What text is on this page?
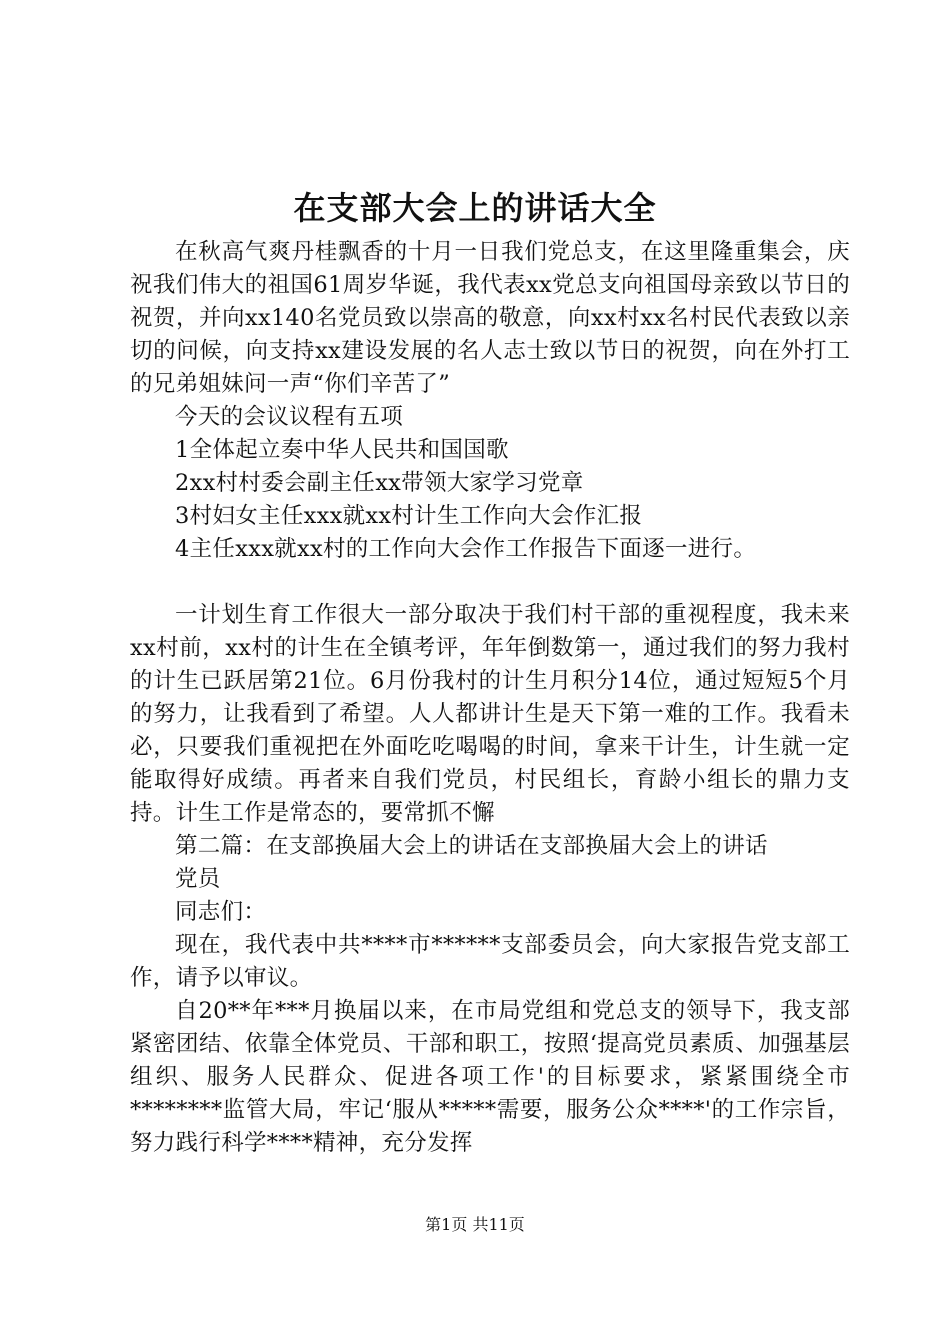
在支部大会上的讲话大全

在秋高气爽丹桂飘香的十月一日我们党总支，在这里隆重集会，庆祝我们伟大的祖国61周岁华诞，我代表xx党总支向祖国母亲致以节日的祝贺，并向xx140名党员致以崇高的敬意，向xx村xx名村民代表致以亲切的问候，向支持xx建设发展的名人志士致以节日的祝贺，向在外打工的兄弟姐妹问一声“你们辛苦了”

今天的会议议程有五项

1全体起立奏中华人民共和国国歌

2xx村村委会副主任xx带领大家学习党章

3村妇女主任xxx就xx村计生工作向大会作汇报

4主任xxx就xx村的工作向大会作工作报告下面逐一进行。

一计划生育工作很大一部分取决于我们村干部的重视程度，我未来xx村前，xx村的计生在全镇考评，年年倒数第一，通过我们的努力我村的计生已跃居第21位。6月份我村的计生月积分14位，通过短短5个月的努力，让我看到了希望。人人都讲计生是天下第一难的工作。我看未必，只要我们重视把在外面吃吃喝喝的时间，拿来干计生，计生就一定能取得好成绩。再者来自我们党员，村民组长，育龄小组长的鼎力支持。计生工作是常态的，要常抓不懈

第二篇：在支部换届大会上的讲话在支部换届大会上的讲话

党员

同志们：

现在，我代表中共****市******支部委员会，向大家报告党支部工作，请予以审议。

自20**年***月换届以来，在市局党组和党总支的领导下，我支部紧密团结、依靠全体党员、干部和职工，按照‘提高党员素质、加强基层组织、服务人民群众、促进各项工作'的目标要求，紧紧围绕全市********监管大局，牢记‘服从*****需要，服务公众****'的工作宗旨，努力践行科学****精神，充分发挥

第1页 共11页
